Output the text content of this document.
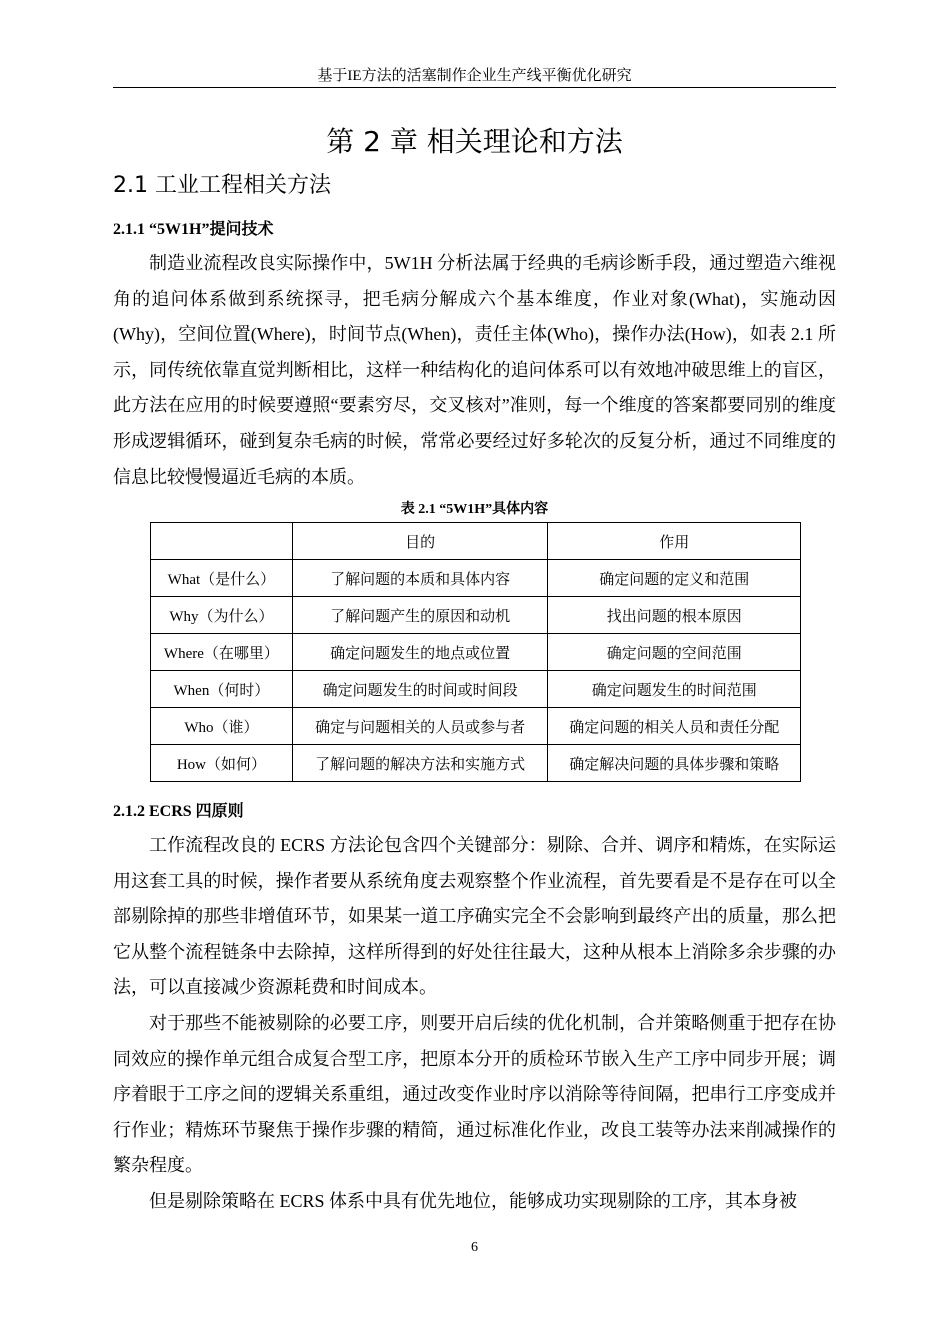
基于IE方法的活塞制作企业生产线平衡优化研究
第 2 章 相关理论和方法
2.1 工业工程相关方法
2.1.1 “5W1H”提问技术
制造业流程改良实际操作中，5W1H 分析法属于经典的毛病诊断手段，通过塑造六维视角的追问体系做到系统探寻，把毛病分解成六个基本维度，作业对象(What)，实施动因(Why)，空间位置(Where)，时间节点(When)，责任主体(Who)，操作办法(How)，如表 2.1 所示，同传统依靠直觉判断相比，这样一种结构化的追问体系可以有效地冲破思维上的盲区，此方法在应用的时候要遵照“要素穷尽，交叉核对”准则，每一个维度的答案都要同别的维度形成逻辑循环，碰到复杂毛病的时候，常常必要经过好多轮次的反复分析，通过不同维度的信息比较慢慢逼近毛病的本质。
表 2.1 “5W1H”具体内容
	目的	作用
What（是什么）	了解问题的本质和具体内容	确定问题的定义和范围
Why（为什么）	了解问题产生的原因和动机	找出问题的根本原因
Where（在哪里）	确定问题发生的地点或位置	确定问题的空间范围
When（何时）	确定问题发生的时间或时间段	确定问题发生的时间范围
Who（谁）	确定与问题相关的人员或参与者	确定问题的相关人员和责任分配
How（如何）	了解问题的解决方法和实施方式	确定解决问题的具体步骤和策略
2.1.2 ECRS 四原则
工作流程改良的 ECRS 方法论包含四个关键部分：剔除、合并、调序和精炼，在实际运用这套工具的时候，操作者要从系统角度去观察整个作业流程，首先要看是不是存在可以全部剔除掉的那些非增值环节，如果某一道工序确实完全不会影响到最终产出的质量，那么把它从整个流程链条中去除掉，这样所得到的好处往往最大，这种从根本上消除多余步骤的办法，可以直接减少资源耗费和时间成本。
对于那些不能被剔除的必要工序，则要开启后续的优化机制，合并策略侧重于把存在协同效应的操作单元组合成复合型工序，把原本分开的质检环节嵌入生产工序中同步开展；调序着眼于工序之间的逻辑关系重组，通过改变作业时序以消除等待间隔，把串行工序变成并行作业；精炼环节聚焦于操作步骤的精简，通过标准化作业，改良工装等办法来削减操作的繁杂程度。
但是剔除策略在 ECRS 体系中具有优先地位，能够成功实现剔除的工序，其本身被
6
